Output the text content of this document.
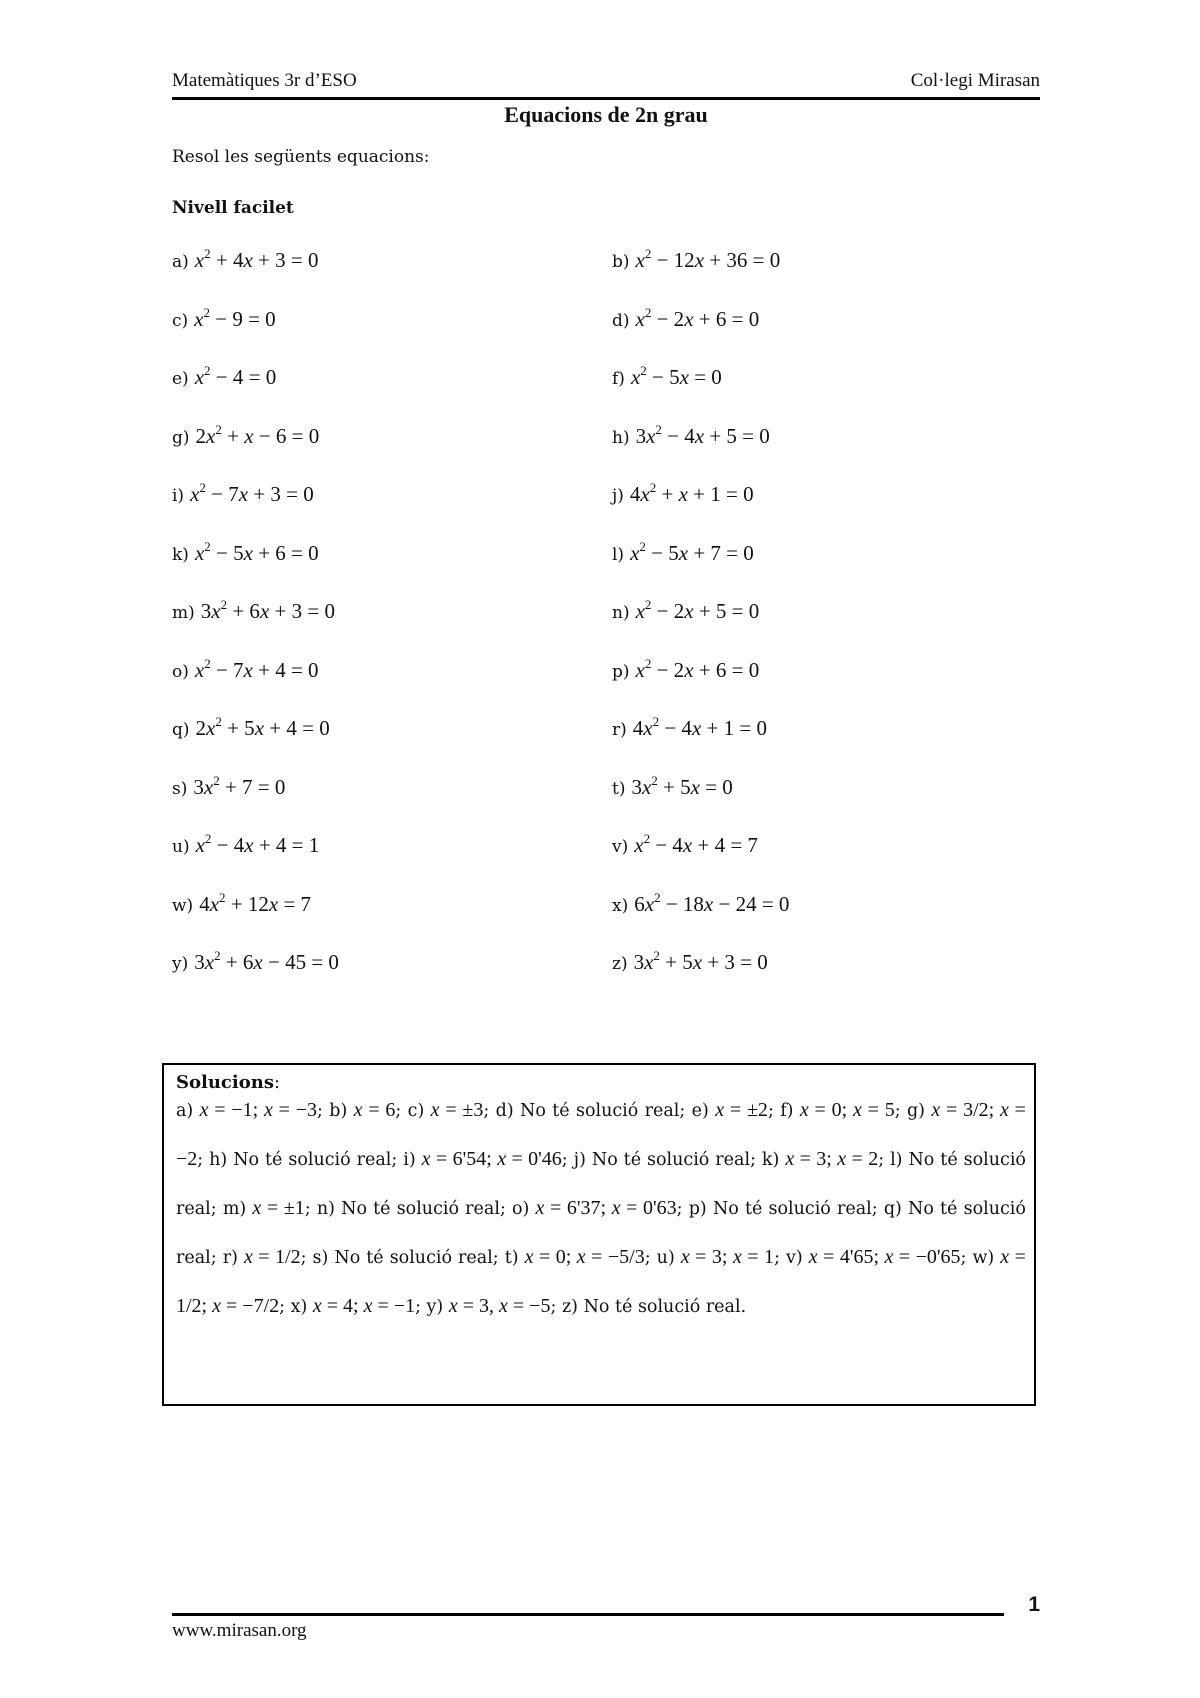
Matemàtiques 3r d’ESO	Col·legi Mirasan
Equacions de 2n grau
Resol les següents equacions:
Nivell facilet
a) $x^2 + 4x + 3 = 0$	b) $x^2 - 12x + 36 = 0$
c) $x^2 - 9 = 0$	d) $x^2 - 2x + 6 = 0$
e) $x^2 - 4 = 0$	f) $x^2 - 5x = 0$
g) $2x^2 + x - 6 = 0$	h) $3x^2 - 4x + 5 = 0$
i) $x^2 - 7x + 3 = 0$	j) $4x^2 + x + 1 = 0$
k) $x^2 - 5x + 6 = 0$	l) $x^2 - 5x + 7 = 0$
m) $3x^2 + 6x + 3 = 0$	n) $x^2 - 2x + 5 = 0$
o) $x^2 - 7x + 4 = 0$	p) $x^2 - 2x + 6 = 0$
q) $2x^2 + 5x + 4 = 0$	r) $4x^2 - 4x + 1 = 0$
s) $3x^2 + 7 = 0$	t) $3x^2 + 5x = 0$
u) $x^2 - 4x + 4 = 1$	v) $x^2 - 4x + 4 = 7$
w) $4x^2 + 12x = 7$	x) $6x^2 - 18x - 24 = 0$
y) $3x^2 + 6x - 45 = 0$	z) $3x^2 + 5x + 3 = 0$
Solucions:
a) x = −1; x = −3; b) x = 6; c) x = ±3; d) No té solució real; e) x = ±2; f) x = 0; x = 5; g) x = 3/2; x = −2; h) No té solució real; i) x = 6'54; x = 0'46; j) No té solució real; k) x = 3; x = 2; l) No té solució real; m) x = ±1; n) No té solució real; o) x = 6'37; x = 0'63; p) No té solució real; q) No té solució real; r) x = 1/2; s) No té solució real; t) x = 0; x = −5/3; u) x = 3; x = 1; v) x = 4'65; x = −0'65; w) x = 1/2; x = −7/2; x) x = 4; x = −1; y) x = 3, x = −5; z) No té solució real.
1
www.mirasan.org
